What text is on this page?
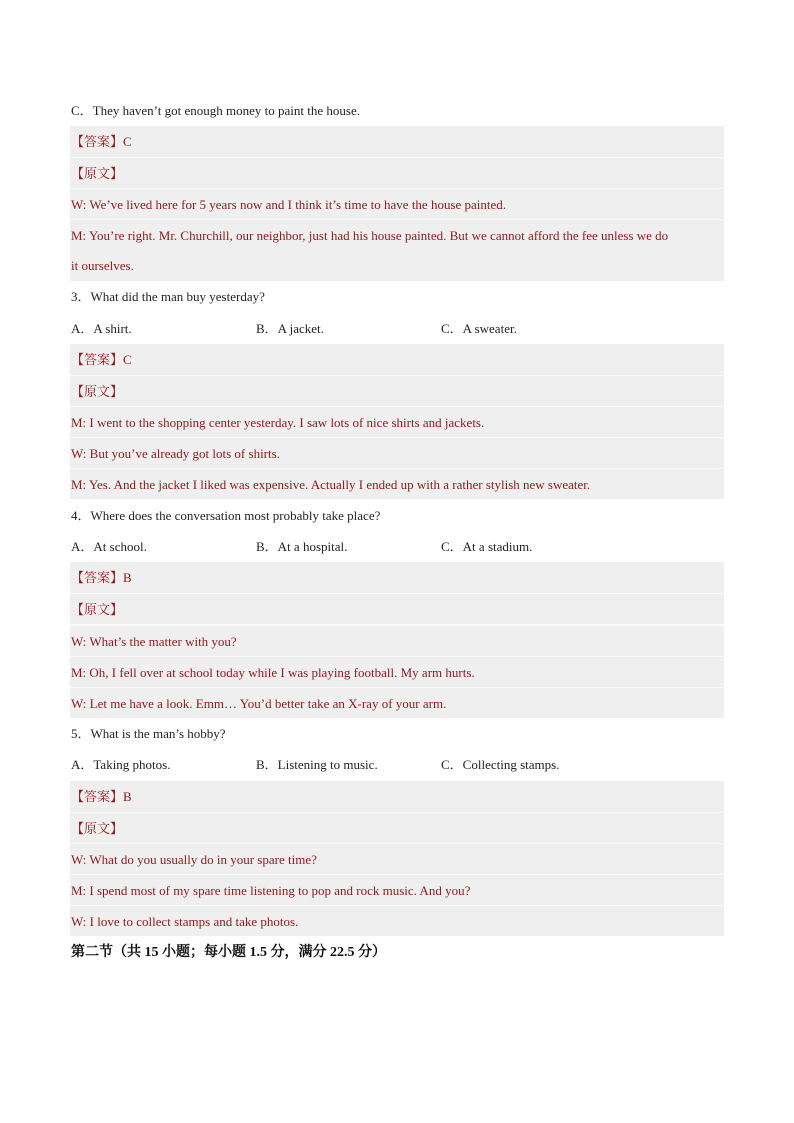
C．They haven’t got enough money to paint the house.
【答案】C
【原文】
W: We’ve lived here for 5 years now and I think it’s time to have the house painted.
M: You’re right. Mr. Churchill, our neighbor, just had his house painted. But we cannot afford the fee unless we do
it ourselves.
3．What did the man buy yesterday?
A．A shirt.	B．A jacket.	C．A sweater.
【答案】C
【原文】
M: I went to the shopping center yesterday. I saw lots of nice shirts and jackets.
W: But you’ve already got lots of shirts.
M: Yes. And the jacket I liked was expensive. Actually I ended up with a rather stylish new sweater.
4．Where does the conversation most probably take place?
A．At school.	B．At a hospital.	C．At a stadium.
【答案】B
【原文】
W: What’s the matter with you?
M: Oh, I fell over at school today while I was playing football. My arm hurts.
W: Let me have a look. Emm… You’d better take an X-ray of your arm.
5．What is the man’s hobby?
A．Taking photos.	B．Listening to music.	C．Collecting stamps.
【答案】B
【原文】
W: What do you usually do in your spare time?
M: I spend most of my spare time listening to pop and rock music. And you?
W: I love to collect stamps and take photos.
第二节（共 15 小题；每小题 1.5 分，满分 22.5 分）
